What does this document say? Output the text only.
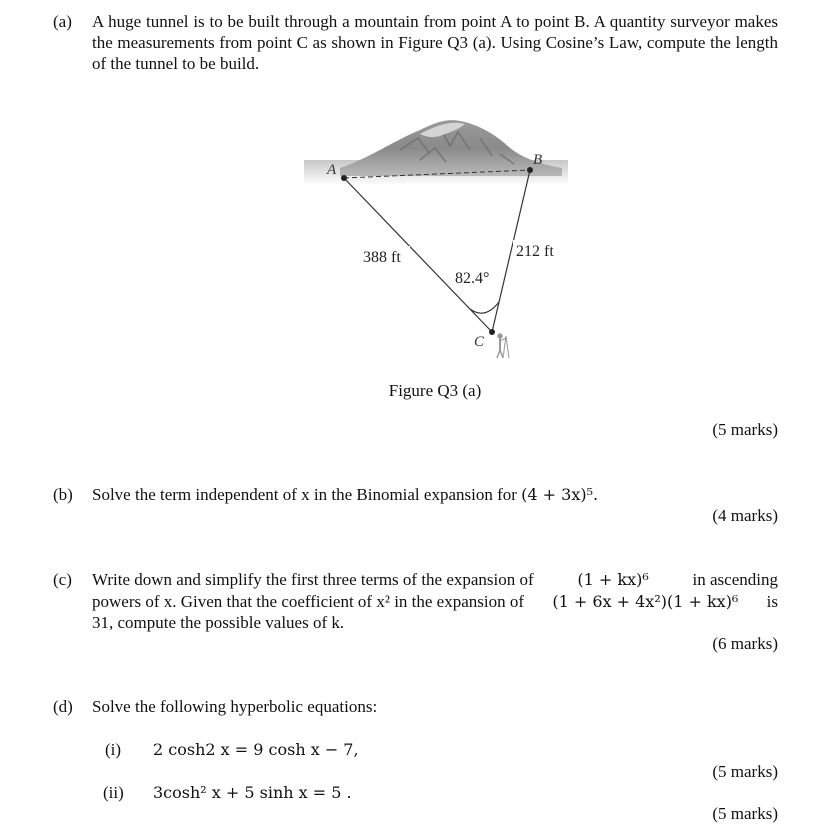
(a) A huge tunnel is to be built through a mountain from point A to point B. A quantity surveyor makes the measurements from point C as shown in Figure Q3 (a). Using Cosine’s Law, compute the length of the tunnel to be build.
A
B
C
388 ft	212 ft
82.4°
Figure Q3 (a)
(5 marks)
(b) Solve the term independent of x in the Binomial expansion for (4 + 3x)⁵.
(4 marks)
(c) Write down and simplify the first three terms of the expansion of	(1 + kx)⁶	in ascending
powers of x. Given that the coefficient of x² in the expansion of (1 + 6x + 4x²)(1 + kx)⁶ is
31, compute the possible values of k.
(6 marks)
(d) Solve the following hyperbolic equations:
(i) 2 cosh2 x = 9 cosh x − 7,
(5 marks)
(ii) 3cosh² x + 5 sinh x = 5 .
(5 marks)
